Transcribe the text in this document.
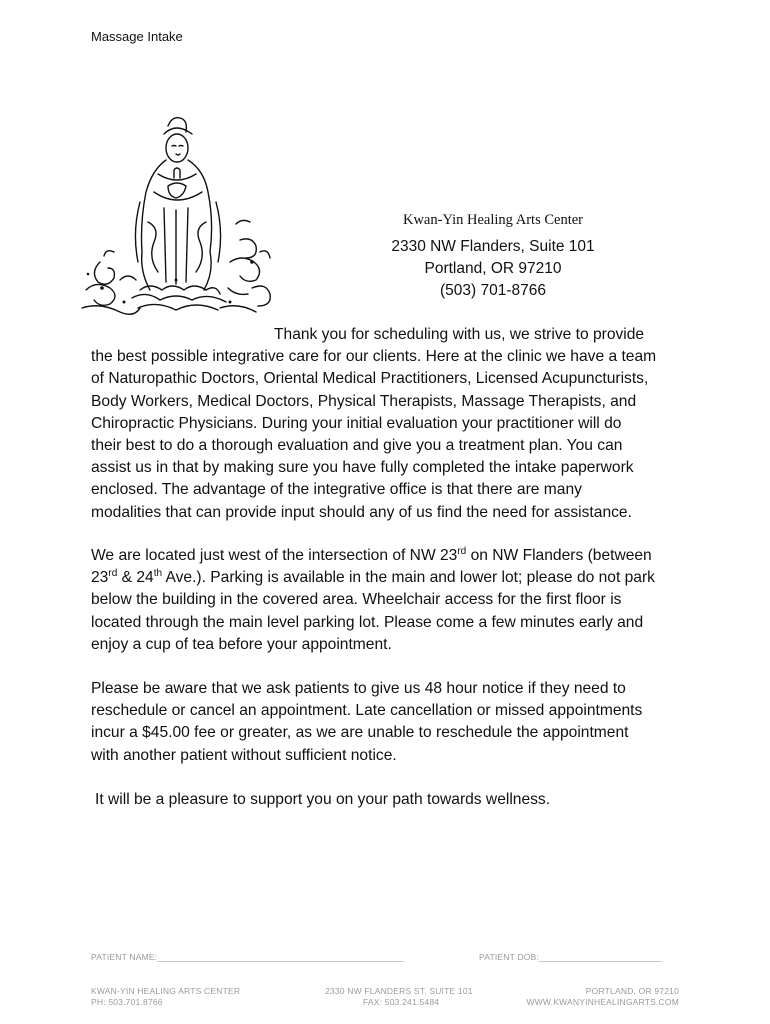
Massage Intake
Kwan-Yin Healing Arts Center
2330 NW Flanders, Suite 101
Portland, OR 97210
(503) 701-8766
Thank you for scheduling with us, we strive to provide
the best possible integrative care for our clients. Here at the clinic we have a team
of Naturopathic Doctors, Oriental Medical Practitioners, Licensed Acupuncturists,
Body Workers, Medical Doctors, Physical Therapists, Massage Therapists, and
Chiropractic Physicians. During your initial evaluation your practitioner will do
their best to do a thorough evaluation and give you a treatment plan. You can
assist us in that by making sure you have fully completed the intake paperwork
enclosed. The advantage of the integrative office is that there are many
modalities that can provide input should any of us find the need for assistance.
We are located just west of the intersection of NW 23rd on NW Flanders (between
23rd & 24th Ave.). Parking is available in the main and lower lot; please do not park
below the building in the covered area. Wheelchair access for the first floor is
located through the main level parking lot. Please come a few minutes early and
enjoy a cup of tea before your appointment.
Please be aware that we ask patients to give us 48 hour notice if they need to
reschedule or cancel an appointment. Late cancellation or missed appointments
incur a $45.00 fee or greater, as we are unable to reschedule the appointment
with another patient without sufficient notice.
It will be a pleasure to support you on your path towards wellness.
PATIENT NAME:__________________________________________________	PATIENT DOB:_________________________
KWAN-YIN HEALING ARTS CENTER
PH: 503.701.8766
2330 NW FLANDERS ST. SUITE 101
FAX: 503.241.5484
PORTLAND, OR 97210
WWW.KWANYINHEALINGARTS.COM
